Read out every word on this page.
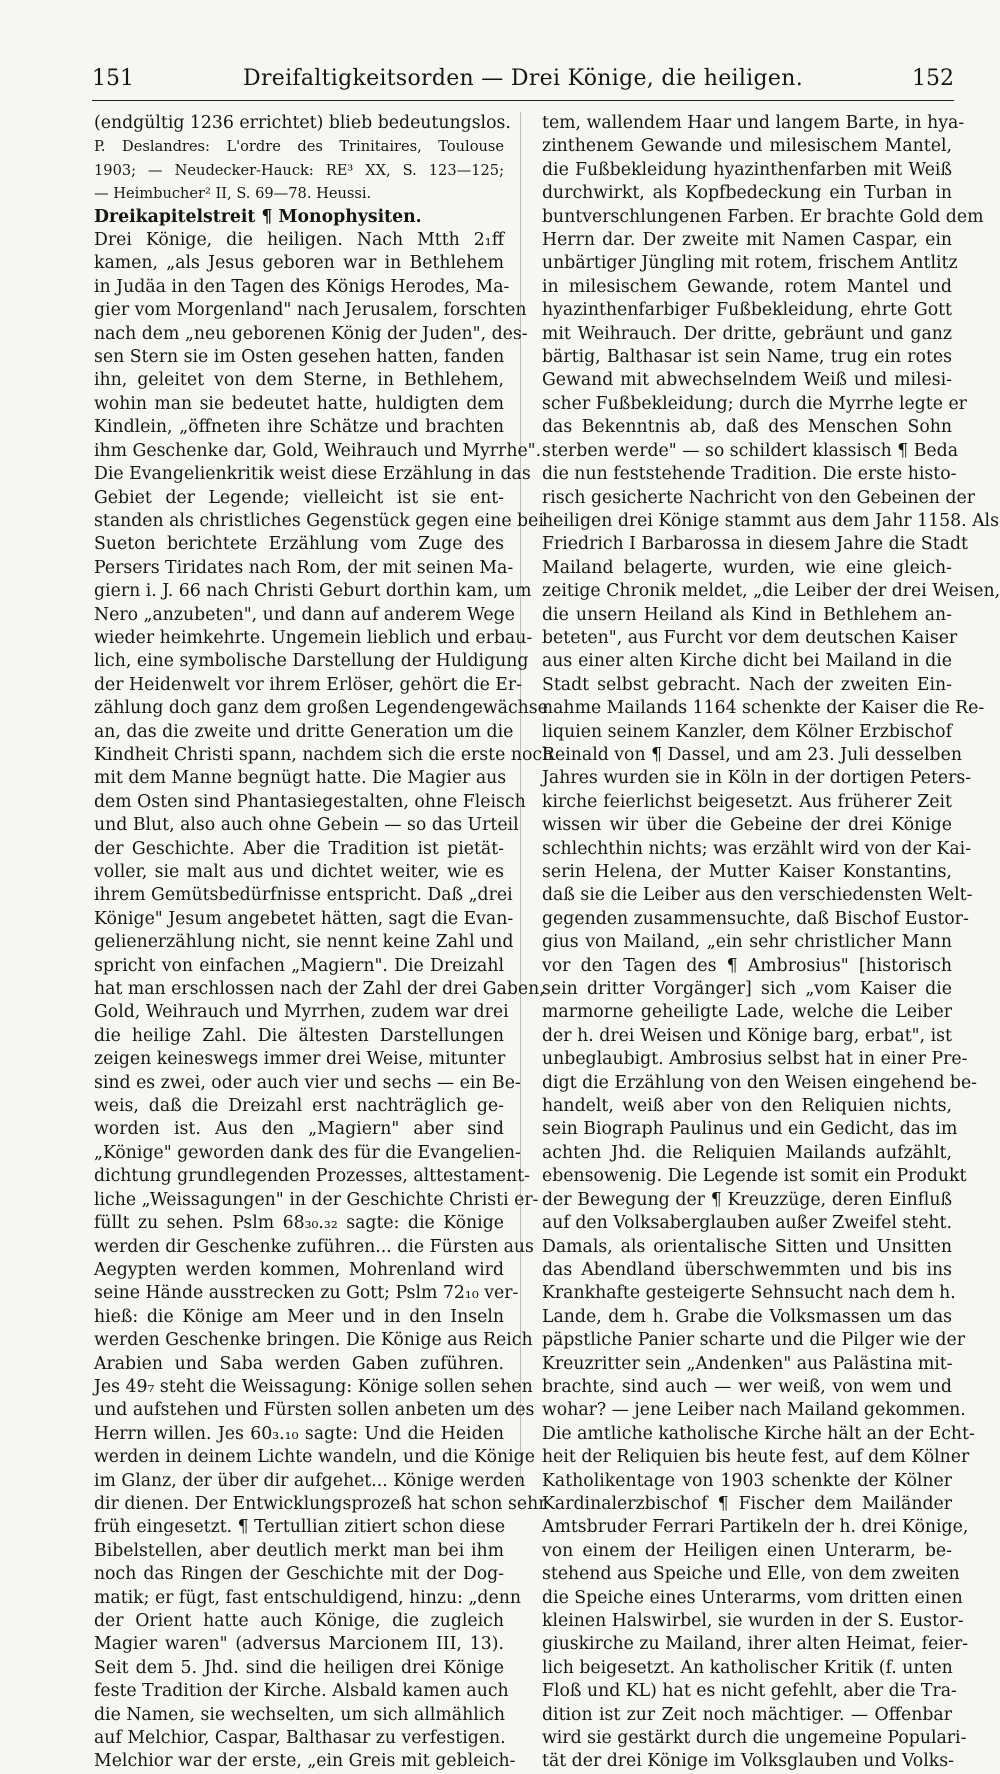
151	Dreifaltigkeitsorden — Drei Könige, die heiligen.	152
(endgültig 1236 errichtet) blieb bedeutungslos.
P. Deslandres: L'ordre des Trinitaires, Toulouse
1903; — Neudecker-Hauck: RE³ XX, S. 123—125;
— Heimbucher² II, S. 69—78. Heussi.
Dreikapitelstreit ¶ Monophysiten.
Drei Könige, die heiligen. Nach Mtth 2₁ff
kamen, „als Jesus geboren war in Bethlehem
in Judäa in den Tagen des Königs Herodes, Ma-
gier vom Morgenland" nach Jerusalem, forschten
nach dem „neu geborenen König der Juden", des-
sen Stern sie im Osten gesehen hatten, fanden
ihn, geleitet von dem Sterne, in Bethlehem,
wohin man sie bedeutet hatte, huldigten dem
Kindlein, „öffneten ihre Schätze und brachten
ihm Geschenke dar, Gold, Weihrauch und Myrrhe".
Die Evangelienkritik weist diese Erzählung in das
Gebiet der Legende; vielleicht ist sie ent-
standen als christliches Gegenstück gegen eine bei
Sueton berichtete Erzählung vom Zuge des
Persers Tiridates nach Rom, der mit seinen Ma-
giern i. J. 66 nach Christi Geburt dorthin kam, um
Nero „anzubeten", und dann auf anderem Wege
wieder heimkehrte. Ungemein lieblich und erbau-
lich, eine symbolische Darstellung der Huldigung
der Heidenwelt vor ihrem Erlöser, gehört die Er-
zählung doch ganz dem großen Legendengewächse
an, das die zweite und dritte Generation um die
Kindheit Christi spann, nachdem sich die erste noch
mit dem Manne begnügt hatte. Die Magier aus
dem Osten sind Phantasiegestalten, ohne Fleisch
und Blut, also auch ohne Gebein — so das Urteil
der Geschichte. Aber die Tradition ist pietät-
voller, sie malt aus und dichtet weiter, wie es
ihrem Gemütsbedürfnisse entspricht. Daß „drei
Könige" Jesum angebetet hätten, sagt die Evan-
gelienerzählung nicht, sie nennt keine Zahl und
spricht von einfachen „Magiern". Die Dreizahl
hat man erschlossen nach der Zahl der drei Gaben,
Gold, Weihrauch und Myrrhen, zudem war drei
die heilige Zahl. Die ältesten Darstellungen
zeigen keineswegs immer drei Weise, mitunter
sind es zwei, oder auch vier und sechs — ein Be-
weis, daß die Dreizahl erst nachträglich ge-
worden ist. Aus den „Magiern" aber sind
„Könige" geworden dank des für die Evangelien-
dichtung grundlegenden Prozesses, alttestament-
liche „Weissagungen" in der Geschichte Christi er-
füllt zu sehen. Pslm 68₃₀.₃₂ sagte: die Könige
werden dir Geschenke zuführen... die Fürsten aus
Aegypten werden kommen, Mohrenland wird
seine Hände ausstrecken zu Gott; Pslm 72₁₀ ver-
hieß: die Könige am Meer und in den Inseln
werden Geschenke bringen. Die Könige aus Reich
Arabien und Saba werden Gaben zuführen.
Jes 49₇ steht die Weissagung: Könige sollen sehen
und aufstehen und Fürsten sollen anbeten um des
Herrn willen. Jes 60₃.₁₀ sagte: Und die Heiden
werden in deinem Lichte wandeln, und die Könige
im Glanz, der über dir aufgehet... Könige werden
dir dienen. Der Entwicklungsprozeß hat schon sehr
früh eingesetzt. ¶ Tertullian zitiert schon diese
Bibelstellen, aber deutlich merkt man bei ihm
noch das Ringen der Geschichte mit der Dog-
matik; er fügt, fast entschuldigend, hinzu: „denn
der Orient hatte auch Könige, die zugleich
Magier waren" (adversus Marcionem III, 13).
Seit dem 5. Jhd. sind die heiligen drei Könige
feste Tradition der Kirche. Alsbald kamen auch
die Namen, sie wechselten, um sich allmählich
auf Melchior, Caspar, Balthasar zu verfestigen.
Melchior war der erste, „ein Greis mit gebleich-
tem, wallendem Haar und langem Barte, in hya-
zinthenem Gewande und milesischem Mantel,
die Fußbekleidung hyazinthenfarben mit Weiß
durchwirkt, als Kopfbedeckung ein Turban in
buntverschlungenen Farben. Er brachte Gold dem
Herrn dar. Der zweite mit Namen Caspar, ein
unbärtiger Jüngling mit rotem, frischem Antlitz
in milesischem Gewande, rotem Mantel und
hyazinthenfarbiger Fußbekleidung, ehrte Gott
mit Weihrauch. Der dritte, gebräunt und ganz
bärtig, Balthasar ist sein Name, trug ein rotes
Gewand mit abwechselndem Weiß und milesi-
scher Fußbekleidung; durch die Myrrhe legte er
das Bekenntnis ab, daß des Menschen Sohn
sterben werde" — so schildert klassisch ¶ Beda
die nun feststehende Tradition. Die erste histo-
risch gesicherte Nachricht von den Gebeinen der
heiligen drei Könige stammt aus dem Jahr 1158. Als
Friedrich I Barbarossa in diesem Jahre die Stadt
Mailand belagerte, wurden, wie eine gleich-
zeitige Chronik meldet, „die Leiber der drei Weisen,
die unsern Heiland als Kind in Bethlehem an-
beteten", aus Furcht vor dem deutschen Kaiser
aus einer alten Kirche dicht bei Mailand in die
Stadt selbst gebracht. Nach der zweiten Ein-
nahme Mailands 1164 schenkte der Kaiser die Re-
liquien seinem Kanzler, dem Kölner Erzbischof
Reinald von ¶ Dassel, und am 23. Juli desselben
Jahres wurden sie in Köln in der dortigen Peters-
kirche feierlichst beigesetzt. Aus früherer Zeit
wissen wir über die Gebeine der drei Könige
schlechthin nichts; was erzählt wird von der Kai-
serin Helena, der Mutter Kaiser Konstantins,
daß sie die Leiber aus den verschiedensten Welt-
gegenden zusammensuchte, daß Bischof Eustor-
gius von Mailand, „ein sehr christlicher Mann
vor den Tagen des ¶ Ambrosius" [historisch
sein dritter Vorgänger] sich „vom Kaiser die
marmorne geheiligte Lade, welche die Leiber
der h. drei Weisen und Könige barg, erbat", ist
unbeglaubigt. Ambrosius selbst hat in einer Pre-
digt die Erzählung von den Weisen eingehend be-
handelt, weiß aber von den Reliquien nichts,
sein Biograph Paulinus und ein Gedicht, das im
achten Jhd. die Reliquien Mailands aufzählt,
ebensowenig. Die Legende ist somit ein Produkt
der Bewegung der ¶ Kreuzzüge, deren Einfluß
auf den Volksaberglauben außer Zweifel steht.
Damals, als orientalische Sitten und Unsitten
das Abendland überschwemmten und bis ins
Krankhafte gesteigerte Sehnsucht nach dem h.
Lande, dem h. Grabe die Volksmassen um das
päpstliche Panier scharte und die Pilger wie der
Kreuzritter sein „Andenken" aus Palästina mit-
brachte, sind auch — wer weiß, von wem und
wohar? — jene Leiber nach Mailand gekommen.
Die amtliche katholische Kirche hält an der Echt-
heit der Reliquien bis heute fest, auf dem Kölner
Katholikentage von 1903 schenkte der Kölner
Kardinalerzbischof ¶ Fischer dem Mailänder
Amtsbruder Ferrari Partikeln der h. drei Könige,
von einem der Heiligen einen Unterarm, be-
stehend aus Speiche und Elle, von dem zweiten
die Speiche eines Unterarms, vom dritten einen
kleinen Halswirbel, sie wurden in der S. Eustor-
giuskirche zu Mailand, ihrer alten Heimat, feier-
lich beigesetzt. An katholischer Kritik (f. unten
Floß und KL) hat es nicht gefehlt, aber die Tra-
dition ist zur Zeit noch mächtiger. — Offenbar
wird sie gestärkt durch die ungemeine Populari-
tät der drei Könige im Volksglauben und Volks-
